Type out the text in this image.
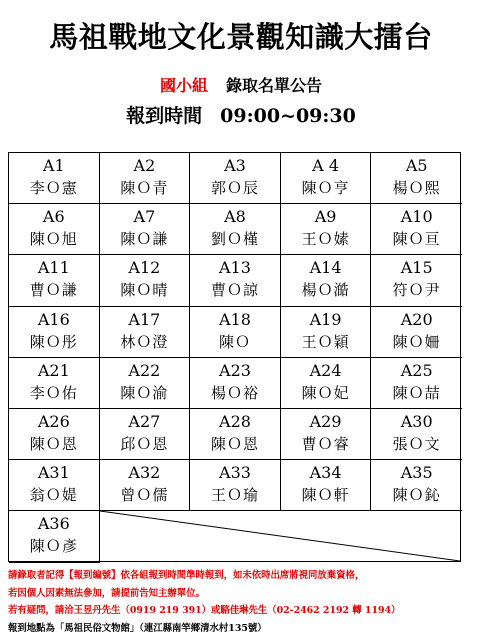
馬祖戰地文化景觀知識大擂台
國小組 錄取名單公告
報到時間 09:00~09:30
A1
李Ｏ憲
A2
陳Ｏ青
A3
郭Ｏ辰
A 4
陳Ｏ亨
A5
楊Ｏ熙
A6
陳Ｏ旭
A7
陳Ｏ謙
A8
劉Ｏ槿
A9
王Ｏ嫊
A10
陳Ｏ亘
A11
曹Ｏ謙
A12
陳Ｏ晴
A13
曹Ｏ諒
A14
楊Ｏ澔
A15
符Ｏ尹
A16
陳Ｏ彤
A17
林Ｏ澄
A18
陳Ｏ
A19
王Ｏ穎
A20
陳Ｏ姍
A21
李Ｏ佑
A22
陳Ｏ渝
A23
楊Ｏ裕
A24
陳Ｏ妃
A25
陳Ｏ喆
A26
陳Ｏ恩
A27
邱Ｏ恩
A28
陳Ｏ恩
A29
曹Ｏ睿
A30
張Ｏ文
A31
翁Ｏ媞
A32
曾Ｏ儒
A33
王Ｏ瑜
A34
陳Ｏ軒
A35
陳Ｏ鈊
A36
陳Ｏ彥
請錄取者記得【報到編號】依各組報到時間準時報到，如未依時出席將視同放棄資格，
若因個人因素無法參加，請提前告知主辦單位。
若有疑問，請洽王昱丹先生（0919 219 391）或駱佳琳先生（02-2462 2192 轉 1194）
報到地點為「馬祖民俗文物館」（連江縣南竿鄉清水村135號）
